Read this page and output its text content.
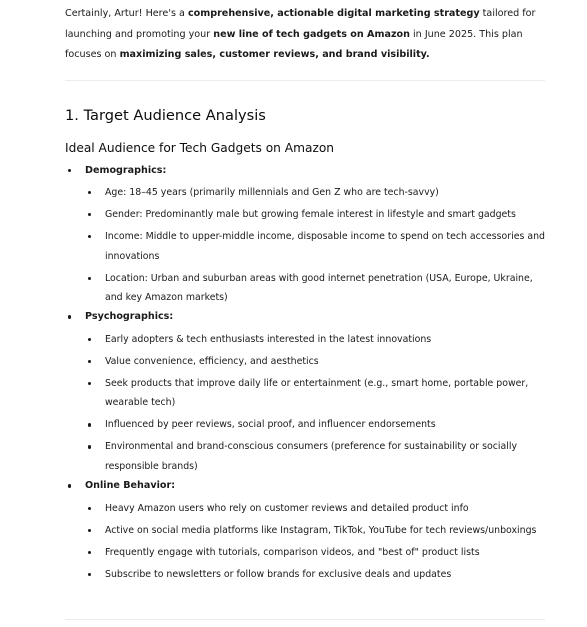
Certainly, Artur! Here's a comprehensive, actionable digital marketing strategy tailored for launching and promoting your new line of tech gadgets on Amazon in June 2025. This plan focuses on maximizing sales, customer reviews, and brand visibility.

1. Target Audience Analysis
Ideal Audience for Tech Gadgets on Amazon
Demographics:
Age: 18–45 years (primarily millennials and Gen Z who are tech-savvy)
Gender: Predominantly male but growing female interest in lifestyle and smart gadgets
Income: Middle to upper-middle income, disposable income to spend on tech accessories and innovations
Location: Urban and suburban areas with good internet penetration (USA, Europe, Ukraine, and key Amazon markets)
Psychographics:
Early adopters & tech enthusiasts interested in the latest innovations
Value convenience, efficiency, and aesthetics
Seek products that improve daily life or entertainment (e.g., smart home, portable power, wearable tech)
Influenced by peer reviews, social proof, and influencer endorsements
Environmental and brand-conscious consumers (preference for sustainability or socially responsible brands)
Online Behavior:
Heavy Amazon users who rely on customer reviews and detailed product info
Active on social media platforms like Instagram, TikTok, YouTube for tech reviews/unboxings
Frequently engage with tutorials, comparison videos, and "best of" product lists
Subscribe to newsletters or follow brands for exclusive deals and updates
